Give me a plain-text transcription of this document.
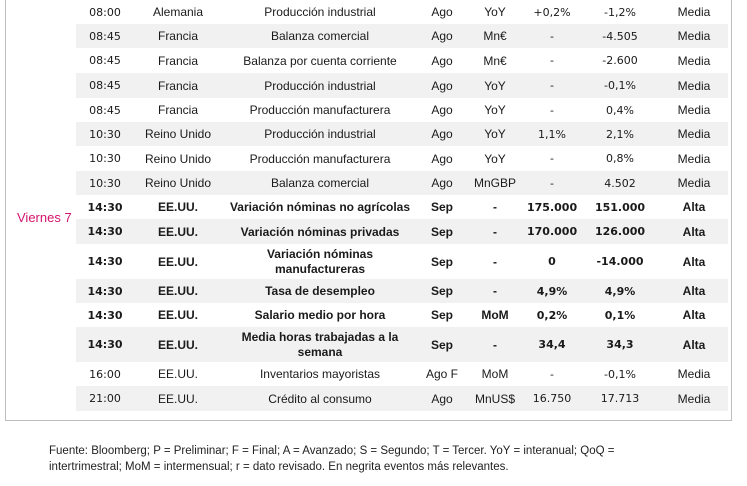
Viernes 7
08:00	Alemania	Producción industrial	Ago	YoY	+0,2%	-1,2%	Media
08:45	Francia	Balanza comercial	Ago	Mn€	-	-4.505	Media
08:45	Francia	Balanza por cuenta corriente	Ago	Mn€	-	-2.600	Media
08:45	Francia	Producción industrial	Ago	YoY	-	-0,1%	Media
08:45	Francia	Producción manufacturera	Ago	YoY	-	0,4%	Media
10:30	Reino Unido	Producción industrial	Ago	YoY	1,1%	2,1%	Media
10:30	Reino Unido	Producción manufacturera	Ago	YoY	-	0,8%	Media
10:30	Reino Unido	Balanza comercial	Ago	MnGBP	-	4.502	Media
14:30	EE.UU.	Variación nóminas no agrícolas	Sep	-	175.000	151.000	Alta
14:30	EE.UU.	Variación nóminas privadas	Sep	-	170.000	126.000	Alta
14:30	EE.UU.	Variación nóminas manufactureras	Sep	-	0	-14.000	Alta
14:30	EE.UU.	Tasa de desempleo	Sep	-	4,9%	4,9%	Alta
14:30	EE.UU.	Salario medio por hora	Sep	MoM	0,2%	0,1%	Alta
14:30	EE.UU.	Media horas trabajadas a la semana	Sep	-	34,4	34,3	Alta
16:00	EE.UU.	Inventarios mayoristas	Ago F	MoM	-	-0,1%	Media
21:00	EE.UU.	Crédito al consumo	Ago	MnUS$	16.750	17.713	Media
Fuente: Bloomberg; P = Preliminar; F = Final; A = Avanzado; S = Segundo; T = Tercer. YoY = interanual; QoQ =
intertrimestral; MoM = intermensual; r = dato revisado. En negrita eventos más relevantes.
